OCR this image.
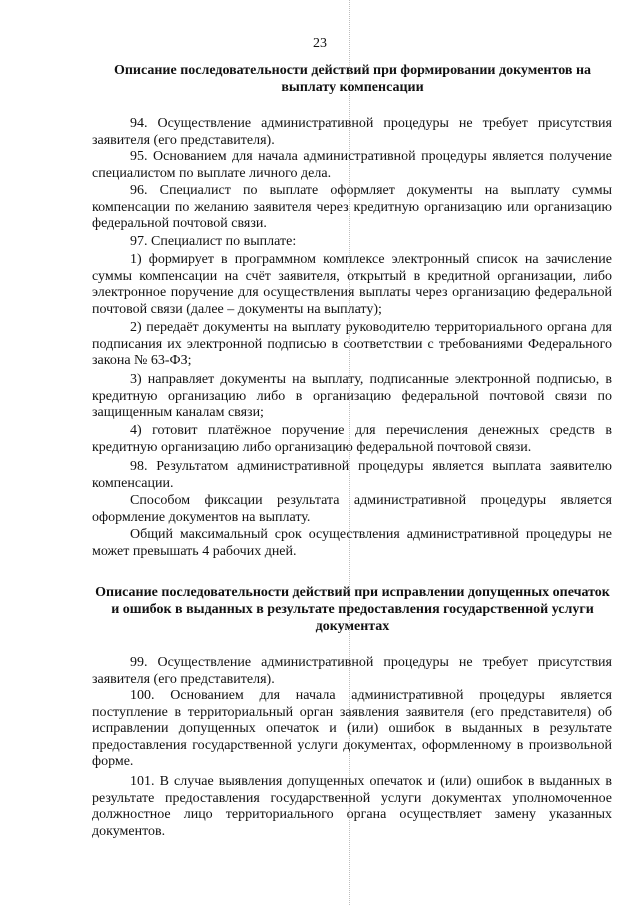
23
Описание последовательности действий при формировании документов на выплату компенсации

94. Осуществление административной процедуры не требует присутствия заявителя (его представителя).

95. Основанием для начала административной процедуры является получение специалистом по выплате личного дела.

96. Специалист по выплате оформляет документы на выплату суммы компенсации по желанию заявителя через кредитную организацию или организацию федеральной почтовой связи.

97. Специалист по выплате:

1) формирует в программном комплексе электронный список на зачисление суммы компенсации на счёт заявителя, открытый в кредитной организации, либо электронное поручение для осуществления выплаты через организацию федеральной почтовой связи (далее – документы на выплату);

2) передаёт документы на выплату руководителю территориального органа для подписания их электронной подписью в соответствии с требованиями Федерального закона № 63-ФЗ;

3) направляет документы на выплату, подписанные электронной подписью, в кредитную организацию либо в организацию федеральной почтовой связи по защищенным каналам связи;

4) готовит платёжное поручение для перечисления денежных средств в кредитную организацию либо организацию федеральной почтовой связи.

98. Результатом административной процедуры является выплата заявителю компенсации.

Способом фиксации результата административной процедуры является оформление документов на выплату.

Общий максимальный срок осуществления административной процедуры не может превышать 4 рабочих дней.

Описание последовательности действий при исправлении допущенных опечаток и ошибок в выданных в результате предоставления государственной услуги документах

99. Осуществление административной процедуры не требует присутствия заявителя (его представителя).

100. Основанием для начала административной процедуры является поступление в территориальный орган заявления заявителя (его представителя) об исправлении допущенных опечаток и (или) ошибок в выданных в результате предоставления государственной услуги документах, оформленному в произвольной форме.

101. В случае выявления допущенных опечаток и (или) ошибок в выданных в результате предоставления государственной услуги документах уполномоченное должностное лицо территориального органа осуществляет замену указанных документов.
